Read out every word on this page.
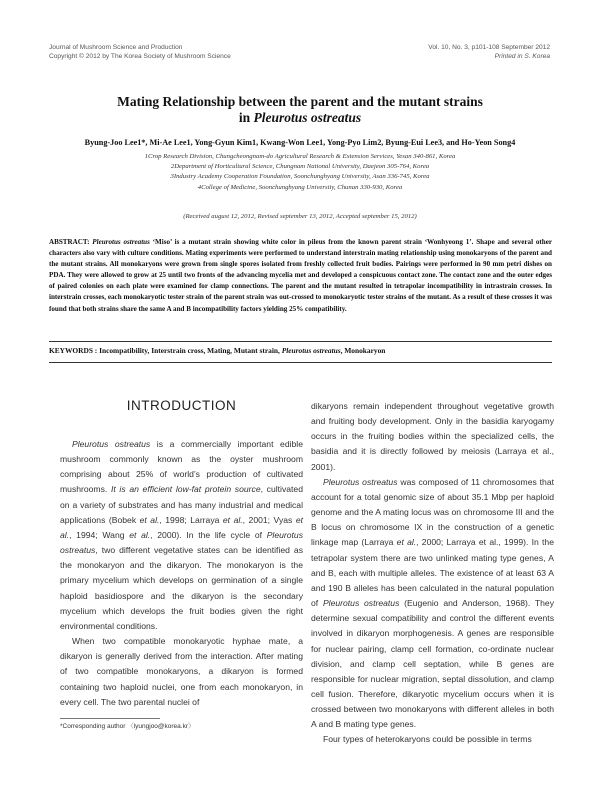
Journal of Mushroom Science and Production
Copyright © 2012 by The Korea Society of Mushroom Science
Vol. 10, No. 3, p101-108 September 2012
Printed in S. Korea
Mating Relationship between the parent and the mutant strains
in Pleurotus ostreatus
Byung-Joo Lee1*, Mi-Ae Lee1, Yong-Gyun Kim1, Kwang-Won Lee1, Yong-Pyo Lim2, Byung-Eui Lee3, and Ho-Yeon Song4
1Crop Research Division, Chungcheongnam-do Agricultural Research & Extension Services, Yesan 340-861, Korea
2Department of Horticultural Science, Chungnam National University, Daejeon 305-764, Korea
3Industry Academy Cooperation Foundation, Soonchunghyang University, Asan 336-745, Korea
4College of Medicine, Soonchunghyang University, Chunan 330-930, Korea
(Received august 12, 2012, Revised september 13, 2012, Accepted september 15, 2012)
ABSTRACT: Pleurotus ostreatus ‘Miso’ is a mutant strain showing white color in pileus from the known parent strain ‘Wonhyeong 1’. Shape and several other characters also vary with culture conditions. Mating experiments were performed to understand interstrain mating relationship using monokaryons of the parent and the mutant strains. All monokaryons were grown from single spores isolated from freshly collected fruit bodies. Pairings were performed in 90 mm petri dishes on PDA. They were allowed to grow at 25 until two fronts of the advancing mycelia met and developed a conspicuous contact zone. The contact zone and the outer edges of paired colonies on each plate were examined for clamp connections. The parent and the mutant resulted in tetrapolar incompatibility in intrastrain crosses. In interstrain crosses, each monokaryotic tester strain of the parent strain was out-crossed to monokaryotic tester strains of the mutant. As a result of these crosses it was found that both strains share the same A and B incompatibility factors yielding 25% compatibility.
KEYWORDS : Incompatibility, Interstrain cross, Mating, Mutant strain, Pleurotus ostreatus, Monokaryon
INTRODUCTION

Pleurotus ostreatus is a commercially important edible mushroom commonly known as the oyster mushroom comprising about 25% of world’s production of cultivated mushrooms. It is an efficient low-fat protein source, cultivated on a variety of substrates and has many industrial and medical applications (Bobek et al., 1998; Larraya et al., 2001; Vyas et al., 1994; Wang et al., 2000). In the life cycle of Pleurotus ostreatus, two different vegetative states can be identified as the monokaryon and the dikaryon. The monokaryon is the primary mycelium which develops on germination of a single haploid basidiospore and the dikaryon is the secondary mycelium which develops the fruit bodies given the right environmental conditions.

When two compatible monokaryotic hyphae mate, a dikaryon is generally derived from the interaction. After mating of two compatible monokaryons, a dikaryon is formed containing two haploid nuclei, one from each monokaryon, in every cell. The two parental nuclei of

*Corresponding author 〈lyungjoo@korea.kr〉

dikaryons remain independent throughout vegetative growth and fruiting body development. Only in the basidia karyogamy occurs in the fruiting bodies within the specialized cells, the basidia and it is directly followed by meiosis (Larraya et al., 2001).

Pleurotus ostreatus was composed of 11 chromosomes that account for a total genomic size of about 35.1 Mbp per haploid genome and the A mating locus was on chromosome III and the B locus on chromosome IX in the construction of a genetic linkage map (Larraya et al., 2000; Larraya et al., 1999). In the tetrapolar system there are two unlinked mating type genes, A and B, each with multiple alleles. The existence of at least 63 A and 190 B alleles has been calculated in the natural population of Pleurotus ostreatus (Eugenio and Anderson, 1968). They determine sexual compatibility and control the different events involved in dikaryon morphogenesis. A genes are responsible for nuclear pairing, clamp cell formation, co-ordinate nuclear division, and clamp cell septation, while B genes are responsible for nuclear migration, septal dissolution, and clamp cell fusion. Therefore, dikaryotic mycelium occurs when it is crossed between two monokaryons with different alleles in both A and B mating type genes.

Four types of heterokaryons could be possible in terms
